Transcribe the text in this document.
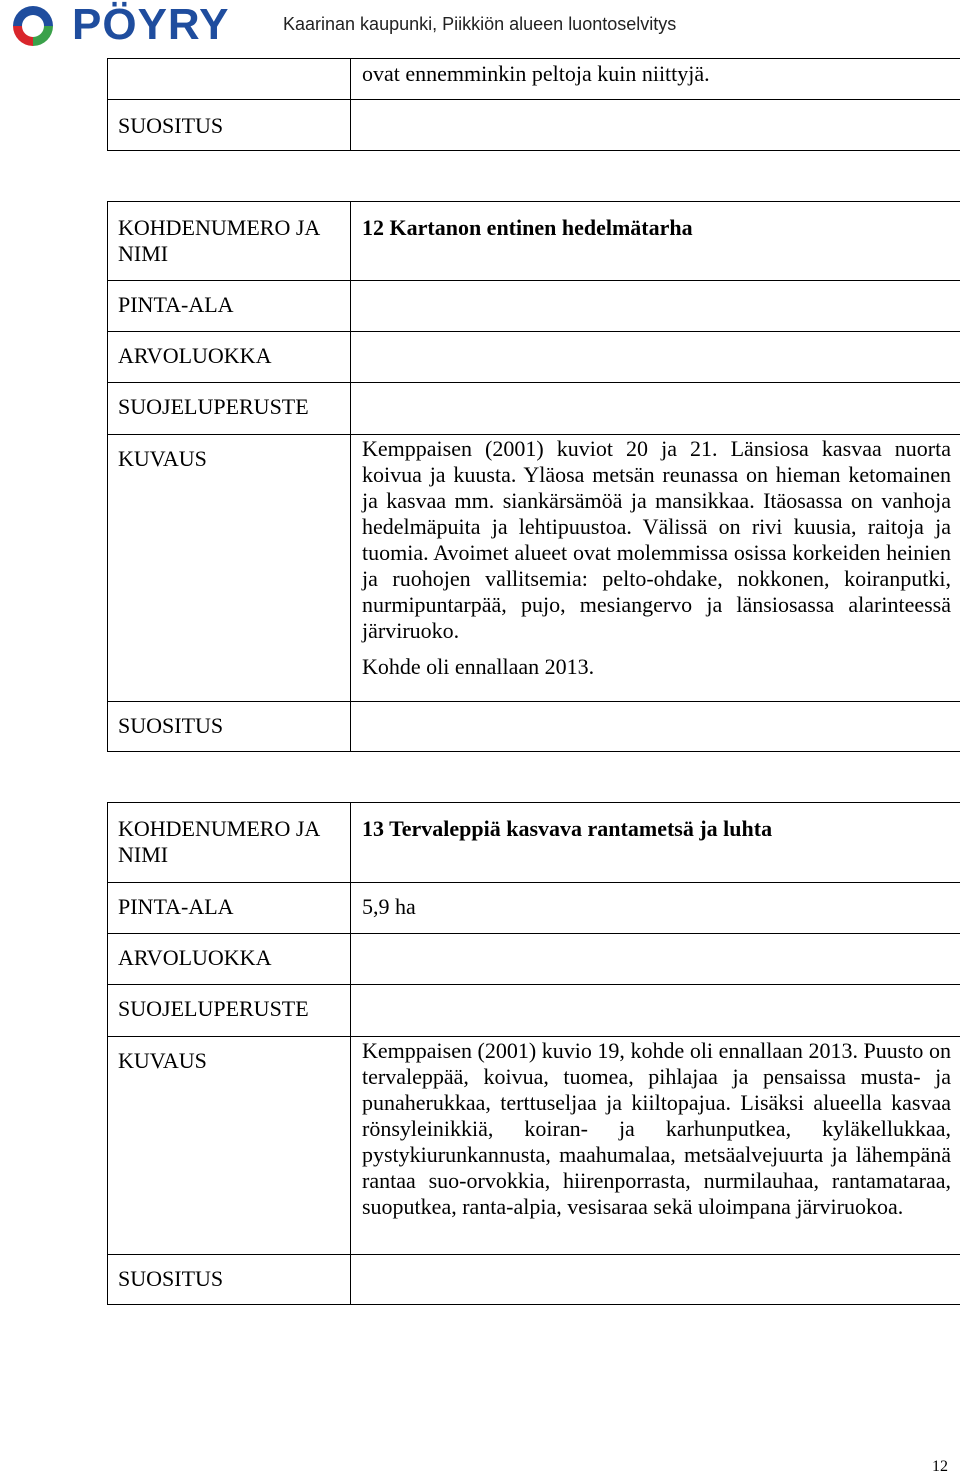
PÖYRY	Kaarinan kaupunki, Piikkiön alueen luontoselvitys
	ovat ennemminkin peltoja kuin niittyjä.
SUOSITUS	
KOHDENUMERO JA NIMI	12 Kartanon entinen hedelmätarha
PINTA-ALA	
ARVOLUOKKA	
SUOJELUPERUSTE	
KUVAUS	Kemppaisen (2001) kuviot 20 ja 21. Länsiosa kasvaa nuorta koivua ja kuusta. Yläosa metsän reunassa on hieman ketomainen ja kasvaa mm. siankärsämöä ja mansikkaa. Itäosassa on vanhoja hedelmäpuita ja lehtipuustoa. Välissä on rivi kuusia, raitoja ja tuomia. Avoimet alueet ovat molemmissa osissa korkeiden heinien ja ruohojen vallitsemia: pelto-ohdake, nokkonen, koiranputki, nurmipuntarpää, pujo, mesiangervo ja länsiosassa alarinteessä järviruoko.

Kohde oli ennallaan 2013.

SUOSITUS	
KOHDENUMERO JA NIMI	13 Tervaleppiä kasvava rantametsä ja luhta
PINTA-ALA	5,9 ha
ARVOLUOKKA	
SUOJELUPERUSTE	
KUVAUS	Kemppaisen (2001) kuvio 19, kohde oli ennallaan 2013. Puusto on tervaleppää, koivua, tuomea, pihlajaa ja pensaissa musta- ja punaherukkaa, terttuseljaa ja kiiltopajua. Lisäksi alueella kasvaa rönsyleinikkiä, koiran- ja karhunputkea, kyläkellukkaa, pystykiurunkannusta, maahumalaa, metsäalvejuurta ja lähempänä rantaa suo-orvokkia, hiirenporrasta, nurmilauhaa, rantamataraa, suoputkea, ranta-alpia, vesisaraa sekä uloimpana järviruokoa.

SUOSITUS	
12
